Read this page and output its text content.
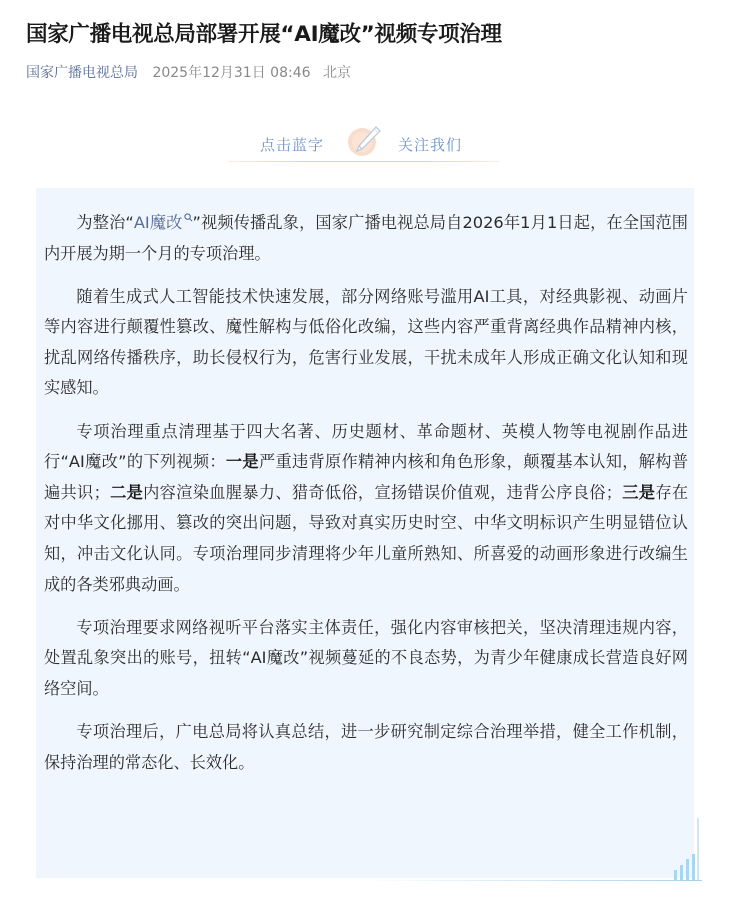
国家广播电视总局部署开展“AI魔改”视频专项治理
国家广播电视总局 2025年12月31日 08:46 北京
点击蓝字	关注我们

为整治“AI魔改 ”视频传播乱象，国家广播电视总局自2026年1月1日起，在全国范围内开展为期一个月的专项治理。

随着生成式人工智能技术快速发展，部分网络账号滥用AI工具，对经典影视、动画片等内容进行颠覆性篡改、魔性解构与低俗化改编，这些内容严重背离经典作品精神内核，扰乱网络传播秩序，助长侵权行为，危害行业发展，干扰未成年人形成正确文化认知和现实感知。

专项治理重点清理基于四大名著、历史题材、革命题材、英模人物等电视剧作品进行“AI魔改”的下列视频：一是严重违背原作精神内核和角色形象，颠覆基本认知，解构普遍共识；二是内容渲染血腥暴力、猎奇低俗，宣扬错误价值观，违背公序良俗；三是存在对中华文化挪用、篡改的突出问题，导致对真实历史时空、中华文明标识产生明显错位认知，冲击文化认同。专项治理同步清理将少年儿童所熟知、所喜爱的动画形象进行改编生成的各类邪典动画。

专项治理要求网络视听平台落实主体责任，强化内容审核把关，坚决清理违规内容，处置乱象突出的账号，扭转“AI魔改”视频蔓延的不良态势，为青少年健康成长营造良好网络空间。

专项治理后，广电总局将认真总结，进一步研究制定综合治理举措，健全工作机制，保持治理的常态化、长效化。
